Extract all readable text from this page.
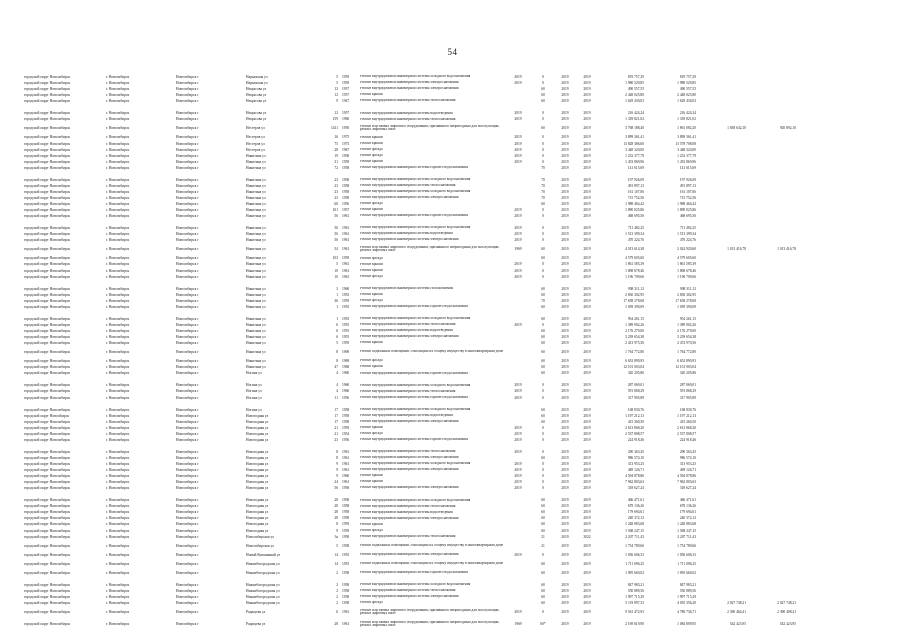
54
городской округ Новосибирск	г. Новосибирск	Новосибирск г	Нарымская ул	5	1959	Ремонт внутридомовой инженерной системы холодного водоснабжения	2019	0	2019	2019	819 757,29	819 757,29
городской округ Новосибирск	г. Новосибирск	Новосибирск г	Нарымская ул	5	1959	Ремонт внутридомовой инженерной системы электроснабжения	2019	0	2019	2019	1 980 529,85	1 980 529,85
городской округ Новосибирск	г. Новосибирск	Новосибирск г	Некрасова ул	12	1957	Ремонт внутридомовой инженерной системы электроснабжения	60	2019	2019	490 557,55	490 557,55
городской округ Новосибирск	г. Новосибирск	Новосибирск г	Некрасова ул	12	1957	Ремонт крыши	60	2019	2019	2 448 025,80	2 448 025,80
городской округ Новосибирск	г. Новосибирск	Новосибирск г	Некрасова ул	9	1947	Ремонт внутридомовой инженерной системы теплоснабжения	60	2019	2019	1 629 430,03	1 629 430,03
городской округ Новосибирск	г. Новосибирск	Новосибирск г	Некрасова ул	12	1957	Ремонт внутридомовой инженерной системы водоотведения	2019	0	2019	2019	216 424,24	216 424,24
городской округ Новосибирск	г. Новосибирск	Новосибирск г	Некрасова ул	159	1960	Ремонт внутридомовой инженерной системы теплоснабжения	2019	0	2019	2019	1 339 821,02	1 339 821,02
городской округ Новосибирск	г. Новосибирск	Новосибирск г	Нестеров ул	1411	1950
Ремонт или замена лифтового оборудования, признанного непригодным для эксплуатации, ремонт лифтовых шахт	60	2019	2019	3 768 188,40	1 861 082,20	1 838 642,10	920 892,10
городской округ Новосибирск	г. Новосибирск	Новосибирск г	Нестеров ул	16	1975	Ремонт крыши	2019	0	2019	2019	3 899 361,41	3 899 361,41
городской округ Новосибирск	г. Новосибирск	Новосибирск г	Нестеров ул	75	1975	Ремонт крыши	2019	0	2019	2019	13 828 386,60	13 578 708,08
городской округ Новосибирск	г. Новосибирск	Новосибирск г	Нестеров ул	28	1967	Ремонт фасада	2019	0	2019	2019	3 448 320,00	3 448 320,00
городской округ Новосибирск	г. Новосибирск	Новосибирск г	Никитина ул	19	1958	Ремонт фасада	2019	0	2019	2019	1 252 377,79	1 252 377,79
городской округ Новосибирск	г. Новосибирск	Новосибирск г	Никитина ул	31	1959	Ремонт крыши	2019	0	2019	2019	1 453 869,96	1 453 869,96
городской округ Новосибирск	г. Новосибирск	Новосибирск г	Никитина ул	72	1958	Ремонт внутридомовой инженерной системы горячего водоснабжения	70	2019	2019	141 615,69	141 615,69
городской округ Новосибирск	г. Новосибирск	Новосибирск г	Никитина ул	23	1958	Ремонт внутридомовой инженерной системы холодного водоснабжения	70	2019	2019	197 926,09	197 926,09
городской округ Новосибирск	г. Новосибирск	Новосибирск г	Никитина ул	23	1958	Ремонт внутридомовой инженерной системы теплоснабжения	70	2019	2019	491 897,13	491 897,13
городской округ Новосибирск	г. Новосибирск	Новосибирск г	Никитина ул	23	1958	Ремонт внутридомовой инженерной системы холодного водоснабжения	70	2019	2019	161 107,06	161 107,06
городской округ Новосибирск	г. Новосибирск	Новосибирск г	Никитина ул	23	1958	Ремонт внутридомовой инженерной системы электроснабжения	70	2019	2019	715 752,56	715 752,56
городской округ Новосибирск	г. Новосибирск	Новосибирск г	Никитина ул	60	1956	Ремонт фасада	60	2019	2019	1 988 464,42	1 988 464,42
городской округ Новосибирск	г. Новосибирск	Новосибирск г	Никитина ул	101	1957	Ремонт крыши	2019	0	2019	2019	1 890 025,86	1 890 025,86
городской округ Новосибирск	г. Новосибирск	Новосибирск г	Никитина ул	56	1961	Ремонт внутридомовой инженерной системы горячего водоснабжения	2019	0	2019	2019	468 695,56	468 695,56
городской округ Новосибирск	г. Новосибирск	Новосибирск г	Никитина ул	56	1961	Ремонт внутридомовой инженерной системы холодного водоснабжения	2019	0	2019	2019	711 482,25	711 482,25
городской округ Новосибирск	г. Новосибирск	Новосибирск г	Никитина ул	56	1961	Ремонт внутридомовой инженерной системы водоотведения	2019	0	2019	2019	1 513 399,34	1 513 399,34
городской округ Новосибирск	г. Новосибирск	Новосибирск г	Никитина ул	56	1961	Ремонт внутридомовой инженерной системы электроснабжения	2019	0	2019	2019	470 224,76	470 224,76
городской округ Новосибирск	г. Новосибирск	Новосибирск г	Никитина ул	54	1961
Ремонт или замена лифтового оборудования, признанного непригодным для эксплуатации, ремонт лифтовых шахт	1969	60	2019	2019	4 013 614,38	2 024 920,60	1 013 416,78	1 013 416,78
городской округ Новосибирск	г. Новосибирск	Новосибирск г	Никитина ул	103	1959	Ремонт фасада	60	2019	2019	4 579 605,60	4 579 605,60
городской округ Новосибирск	г. Новосибирск	Новосибирск г	Никитина ул	5	1961	Ремонт крыши	2019	0	2019	2019	1 861 585,39	1 861 585,39
городской округ Новосибирск	г. Новосибирск	Новосибирск г	Никитина ул	10	1961	Ремонт крыши	2019	0	2019	2019	1 808 678,46	1 808 678,46
городской округ Новосибирск	г. Новосибирск	Новосибирск г	Никитина ул	10	1961	Ремонт фасада	2019	0	2019	2019	1 196 709,66	1 196 709,66
городской округ Новосибирск	г. Новосибирск	Новосибирск г	Никитина ул	3	1960	Ремонт внутридомовой инженерной системы газоснабжения	60	2019	2019	908 311,12	908 311,12
городской округ Новосибирск	г. Новосибирск	Новосибирск г	Никитина ул	1	1955	Ремонт крыши	60	2019	2019	2 830 302,95	2 830 302,95
городской округ Новосибирск	г. Новосибирск	Новосибирск г	Никитина ул	36	1959	Ремонт фасада	70	2019	2019	17 658 278,68	17 658 278,68
городской округ Новосибирск	г. Новосибирск	Новосибирск г	Никитина ул	1	1955	Ремонт внутридомовой инженерной системы горячего водоснабжения	60	2019	2019	1 059 390,09	1 059 390,09
городской округ Новосибирск	г. Новосибирск	Новосибирск г	Никитина ул	1	1955	Ремонт внутридомовой инженерной системы холодного водоснабжения	60	2019	2019	954 261,15	954 261,15
городской округ Новосибирск	г. Новосибирск	Новосибирск г	Никитина ул	6	1955	Ремонт внутридомовой инженерной системы теплоснабжения	2019	0	2019	2019	1 389 902,26	1 389 902,26
городской округ Новосибирск	г. Новосибирск	Новосибирск г	Никитина ул	6	1955	Ремонт внутридомовой инженерной системы водоотведения	60	2019	2019	2 176 279,00	2 176 279,00
городской округ Новосибирск	г. Новосибирск	Новосибирск г	Никитина ул	6	1955	Ремонт внутридомовой инженерной системы электроснабжения	60	2019	2019	3 239 654,38	3 239 654,38
городской округ Новосибирск	г. Новосибирск	Новосибирск г	Никитина ул	5	1959	Ремонт крыши	60	2019	2019	2 413 975,56	2 474 970,56
городской округ Новосибирск	г. Новосибирск	Новосибирск г	Никитина ул	8	1969	Ремонт подвальных помещений, относящихся к общему имуществу в многоквартирном доме	60	2019	2019	1 764 772,80	1 764 772,80
городской округ Новосибирск	г. Новосибирск	Новосибирск г	Никитина ул	8	1969	Ремонт фасада	60	2019	2019	6 652 890,93	6 652 890,93
городской округ Новосибирск	г. Новосибирск	Новосибирск г	Никитина ул	47	1968	Ремонт крыши	60	2019	2019	12 101 003,04	12 101 003,04
городской округ Новосибирск	г. Новосибирск	Новосибирск г	Ногина ул	4	1960	Ремонт внутридомовой инженерной системы горячего водоснабжения	60	2019	2019	320 205,86	320 205,86
городской округ Новосибирск	г. Новосибирск	Новосибирск г	Ногина ул	4	1960	Ремонт внутридомовой инженерной системы холодного водоснабжения	2019	0	2019	2019	287 069,01	287 069,01
городской округ Новосибирск	г. Новосибирск	Новосибирск г	Ногина ул	4	1960	Ремонт внутридомовой инженерной системы теплоснабжения	2019	0	2019	2019	591 868,29	591 868,29
городской округ Новосибирск	г. Новосибирск	Новосибирск г	Ногина ул	11	1956	Ремонт внутридомовой инженерной системы горячего водоснабжения	2019	0	2019	2019	317 905,89	317 905,89
городской округ Новосибирск	г. Новосибирск	Новосибирск г	Ногина ул	17	1958	Ремонт внутридомовой инженерной системы холодного водоснабжения	60	2019	2019	168 830,76	168 830,76
городской округ Новосibирск	г. Новосибирск	Новосибирск г	Новогодняя ул	17	1958	Ремонт внутридомовой инженерной системы водоотведения	60	2019	2019	1 197 212,13	1 197 212,13
городской округ Новосибирск	г. Новосибирск	Новосибирск г	Новогодняя ул	17	1958	Ремонт внутридомовой инженерной системы электроснабжения	60	2019	2019	415 260,50	415 260,50
городской округ Новосибирск	г. Новосибирск	Новосибирск г	Новогодняя ул	21	1959	Ремонт крыши	2019	0	2019	2019	2 613 868,20	2 613 868,20
городской округ Новосибирск	г. Новосибирск	Новосибирск г	Новогодняя ул	21	1954	Ремонт фасада	2019	0	2019	2019	2 537 808,57	2 537 808,57
городской округ Новосибирск	г. Новосибирск	Новосибирск г	Новогодняя ул	23	1956	Ремонт внутридомовой инженерной системы горячего водоснабжения	2019	0	2019	2019	224 918,46	224 918,46
городской округ Новосибирск	г. Новосибирск	Новосибирск г	Новогодняя ул	8	1961	Ремонт внутридомовой инженерной системы теплоснабжения	2019	0	2019	2019	290 363,45	290 363,45
городской округ Новосибирск	г. Новосибирск	Новосибирск г	Новогодняя ул	8	1961	Ремонт внутридомовой инженерной системы электроснабжения	60	2019	2019	986 574,10	986 574,10
городской округ Новосибирск	г. Новосибирск	Новосибирск г	Новогодняя ул	9	1961	Ремонт внутридомовой инженерной системы холодного водоснабжения	2019	0	2019	2019	313 953,25	313 953,25
городской округ Новосибирск	г. Новосибирск	Новосибирск г	Новогодняя ул	9	1961	Ремонт внутридомовой инженерной системы электроснабжения	2019	0	2019	2019	469 126,71	469 126,71
городской округ Новосибирск	г. Новосибирск	Новосибирск г	Новогодняя ул	9	1960	Ремонт крыши	2019	0	2019	2019	4 594 878,86	4 594 878,86
городской округ Новосибирск	г. Новосибирск	Новосибирск г	Новогодняя ул	24	1961	Ремонт крыши	2019	0	2019	2019	7 962 803,63	7 962 803,63
городской округ Новосибирск	г. Новосибирск	Новосибирск г	Новогодняя ул	56	1958	Ремонт внутридомовой инженерной системы электроснабжения	2019	0	2019	2019	318 627,24	318 627,24
городской округ Новосибирск	г. Новосибирск	Новосибирск г	Новогодняя ул	28	1958	Ремонт внутридомовой инженерной системы холодного водоснабжения	60	2019	2019	466 471,61	466 471,61
городской округ Новосибирск	г. Новосибирск	Новосибирск г	Новогодняя ул	28	1958	Ремонт внутридомовой инженерной системы теплоснабжения	60	2019	2019	678 136,26	678 136,26
городской округ Новосибирск	г. Новосибирск	Новосибирск г	Новогодняя ул	28	1958	Ремонт внутридомовой инженерной системы водоотведения	60	2019	2019	179 694,61	179 694,61
городской округ Новосибирск	г. Новосибирск	Новосибирск г	Новогодняя ул	28	1958	Ремонт внутридомовой инженерной системы электроснабжения	60	2019	2019	240 372,12	240 372,12
городской округ Новосибирск	г. Новосибирск	Новосибирск г	Новогодняя ул	8	1959	Ремонт крыши	60	2019	2019	1 248 883,68	1 248 883,68
городской округ Новосибирск	г. Новосибирск	Новосибирск г	Новогодняя ул	9	1959	Ремонт фасада	60	2019	2019	1 568 247,15	1 568 247,15
городской округ Новосибирск	г. Новосибирск	Новосибирск г	Новосибирская ул	3а	1958	Ремонт внутридомовой инженерной системы теплоснабжения	21	2019	2022	2 207 711,43	2 207 711,43
городской округ Новосибирск	г. Новосибирск	Новосибирск г	Новосибирская ул	5	1958	Ремонт подвальных помещений, относящихся к общему имуществу в многоквартирном доме	21	2019	2019	1 754 789,66	1 754 789,66
городской округ Новосибирск	г. Новосибирск	Новосибирск г	Новый Кувшинный ул	14	1955	Ремонт внутридомовой инженерной системы электроснабжения	2019	0	2019	2019	1 056 606,33	1 056 606,33
городской округ Новосибирск	г. Новосибирск	Новосибирск г	Нижнебогородская ул	14	1955	Ремонт подвальных помещений, относящихся к общему имуществу в многоквартирном доме	60	2019	2019	1 711 096,25	1 711 096,25
городской округ Новосибирск	г. Новосибирск	Новосибирск г	Нижнебогородская ул	2	1958	Ремонт внутридомовой инженерной системы горячего водоснабжения	60	2019	2019	1 095 660,02	1 095 660,02
городской округ Новосибирск	г. Новосибирск	Новосибирск г	Нижнебогородская ул	2	1958	Ремонт внутридомовой инженерной системы холодного водоснабжения	60	2019	2019	847 983,21	847 983,21
городской округ Новосибирск	г. Новосибирск	Новосибирск г	Нижнебогородская ул	2	1958	Ремонт внутридомовой инженерной системы теплоснабжения	60	2019	2019	550 889,56	550 889,56
городской округ Новосибирск	г. Новосибирск	Новосибирск г	Нижнебогородская ул	2	1958	Ремонт внутридомовой инженерной системы электроснабжения	60	2019	2019	1 997 715,29	1 997 715,29
городской округ Новосибирск	г. Новосибирск	Новосибирск г	Нижнебогородская ул	2	1958	Ремонт фасада	60	2019	2019	5 119 897,33	4 055 356,20	2 027 748,21	2 027 748,21
городской округ Новосибирск	г. Новосибирск	Новосибирск г	Радищева ул	6	1961
Ремонт или замена лифтового оборудования, признанного непригодным для эксплуатации, ремонт лифтовых шахт	2019	0	2019	2019	9 561 472,93	4 780 736,71	2 390 464,41	2 390 408,41
городской округ Новосибирск	г. Новосибирск	Новосибирск г	Радищева ул	28	1961
Ремонт или замена лифтового оборудования, признанного непригодным для эксплуатации, ремонт лифтовых шахт	1969	60*	2019	2019	2 169 619,90	1 084 809,95	542 423,95	542 423,95
